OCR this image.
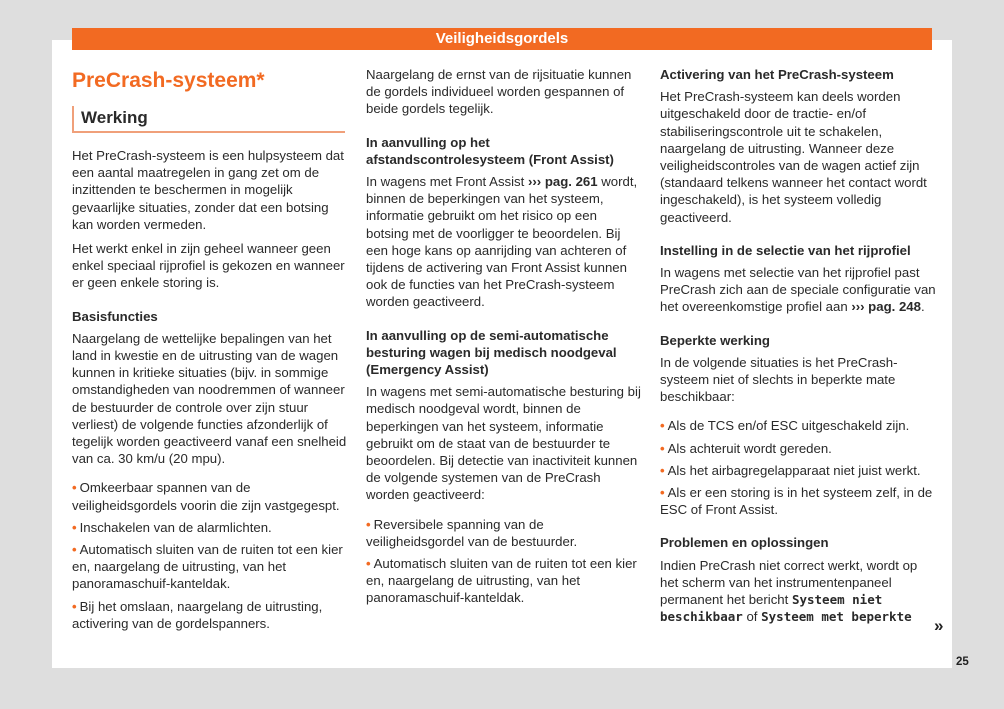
Veiligheidsgordels
PreCrash-systeem*
Werking

Het PreCrash-systeem is een hulpsysteem dat een aantal maatregelen in gang zet om de inzittenden te beschermen in mogelijk gevaarlijke situaties, zonder dat een botsing kan worden vermeden.

Het werkt enkel in zijn geheel wanneer geen enkel speciaal rijprofiel is gekozen en wanneer er geen enkele storing is.

Basisfuncties

Naargelang de wettelijke bepalingen van het land in kwestie en de uitrusting van de wagen kunnen in kritieke situaties (bijv. in sommige omstandigheden van noodremmen of wanneer de bestuurder de controle over zijn stuur verliest) de volgende functies afzonderlijk of tegelijk worden geactiveerd vanaf een snelheid van ca. 30 km/u (20 mpu).

• Omkeerbaar spannen van de veiligheidsgordels voorin die zijn vastgegespt.
• Inschakelen van de alarmlichten.
• Automatisch sluiten van de ruiten tot een kier en, naargelang de uitrusting, van het panoramaschuif-kanteldak.
• Bij het omslaan, naargelang de uitrusting, activering van de gordelspanners.

Naargelang de ernst van de rijsituatie kunnen de gordels individueel worden gespannen of beide gordels tegelijk.

In aanvulling op het afstandscontrolesysteem (Front Assist)

In wagens met Front Assist ››› pag. 261 wordt, binnen de beperkingen van het systeem, informatie gebruikt om het risico op een botsing met de voorligger te beoordelen. Bij een hoge kans op aanrijding van achteren of tijdens de activering van Front Assist kunnen ook de functies van het PreCrash-systeem worden geactiveerd.

In aanvulling op de semi-automatische besturing wagen bij medisch noodgeval (Emergency Assist)

In wagens met semi-automatische besturing bij medisch noodgeval wordt, binnen de beperkingen van het systeem, informatie gebruikt om de staat van de bestuurder te beoordelen. Bij detectie van inactiviteit kunnen de volgende systemen van de PreCrash worden geactiveerd:

• Reversibele spanning van de veiligheidsgordel van de bestuurder.
• Automatisch sluiten van de ruiten tot een kier en, naargelang de uitrusting, van het panoramaschuif-kanteldak.
Activering van het PreCrash-systeem

Het PreCrash-systeem kan deels worden uitgeschakeld door de tractie- en/of stabiliseringscontrole uit te schakelen, naargelang de uitrusting. Wanneer deze veiligheidscontroles van de wagen actief zijn (standaard telkens wanneer het contact wordt ingeschakeld), is het systeem volledig geactiveerd.

Instelling in de selectie van het rijprofiel

In wagens met selectie van het rijprofiel past PreCrash zich aan de speciale configuratie van het overeenkomstige profiel aan ››› pag. 248.

Beperkte werking

In de volgende situaties is het PreCrash-systeem niet of slechts in beperkte mate beschikbaar:

• Als de TCS en/of ESC uitgeschakeld zijn.
• Als achteruit wordt gereden.
• Als het airbagregelapparaat niet juist werkt.
• Als er een storing is in het systeem zelf, in de ESC of Front Assist.
Problemen en oplossingen

Indien PreCrash niet correct werkt, wordt op het scherm van het instrumentenpaneel permanent het bericht Systeem niet beschikbaar of Systeem met beperkte	»
25
